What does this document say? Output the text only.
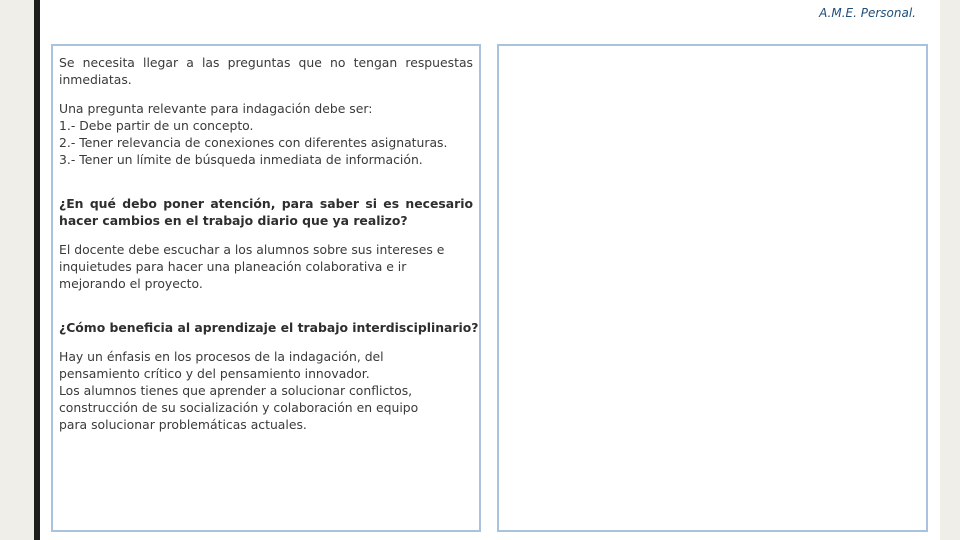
A.M.E. Personal.

Se necesita llegar a las preguntas que no tengan respuestas
inmediatas.

Una pregunta relevante para indagación debe ser:
1.- Debe partir de un concepto.
2.- Tener relevancia de conexiones con diferentes asignaturas.
3.- Tener un límite de búsqueda inmediata de información.

¿En qué debo poner atención, para saber si es necesario
hacer cambios en el trabajo diario que ya realizo?

El docente debe escuchar a los alumnos sobre sus intereses e
inquietudes para hacer una planeación colaborativa e ir
mejorando el proyecto.

¿Cómo beneficia al aprendizaje el trabajo interdisciplinario?

Hay un énfasis en los procesos de la indagación, del
pensamiento crítico y del pensamiento innovador.
Los alumnos tienes que aprender a solucionar conflictos,
construcción de su socialización y colaboración en equipo
para solucionar problemáticas actuales.
